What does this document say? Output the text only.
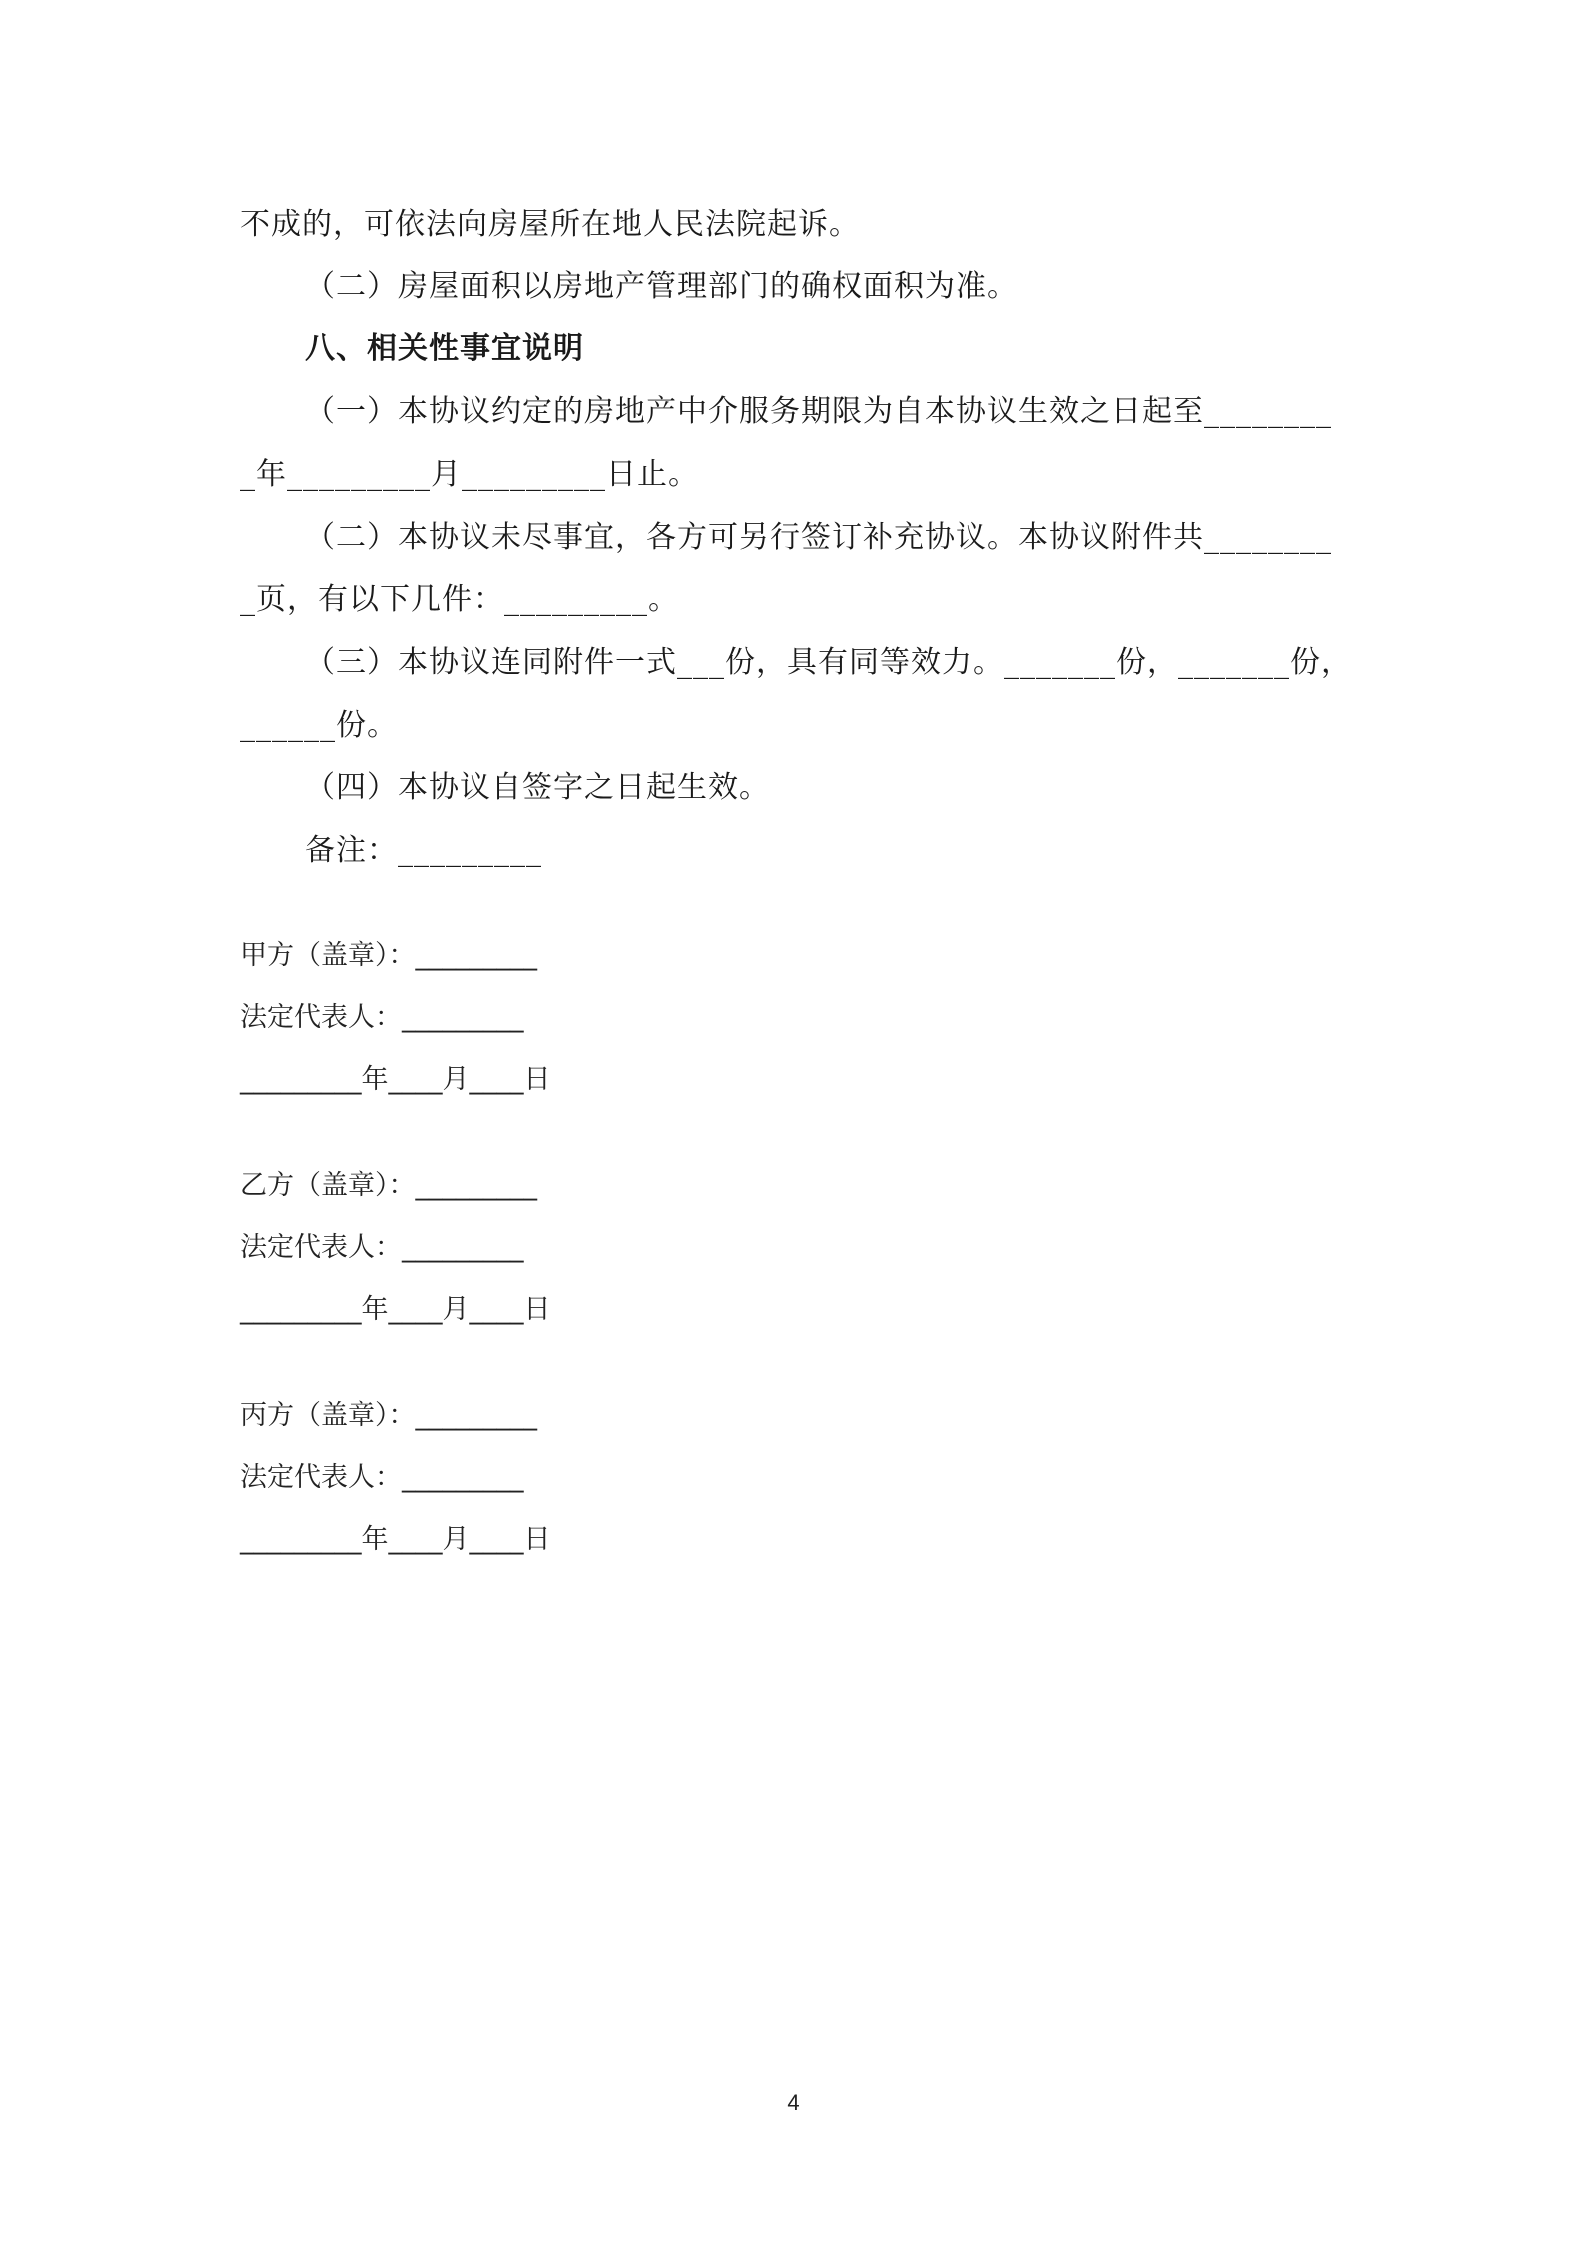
不成的，可依法向房屋所在地人民法院起诉。
（二）房屋面积以房地产管理部门的确权面积为准。
八、相关性事宜说明
（一）本协议约定的房地产中介服务期限为自本协议生效之日起至________
_年_________月_________日止。
（二）本协议未尽事宜，各方可另行签订补充协议。本协议附件共________
_页，有以下几件：_________。
（三）本协议连同附件一式___份，具有同等效力。_______份，_______份，
______份。
（四）本协议自签字之日起生效。
备注：_________
甲方（盖章）：_________
法定代表人：_________
_________年____月____日
乙方（盖章）：_________
法定代表人：_________
_________年____月____日
丙方（盖章）：_________
法定代表人：_________
_________年____月____日
4
